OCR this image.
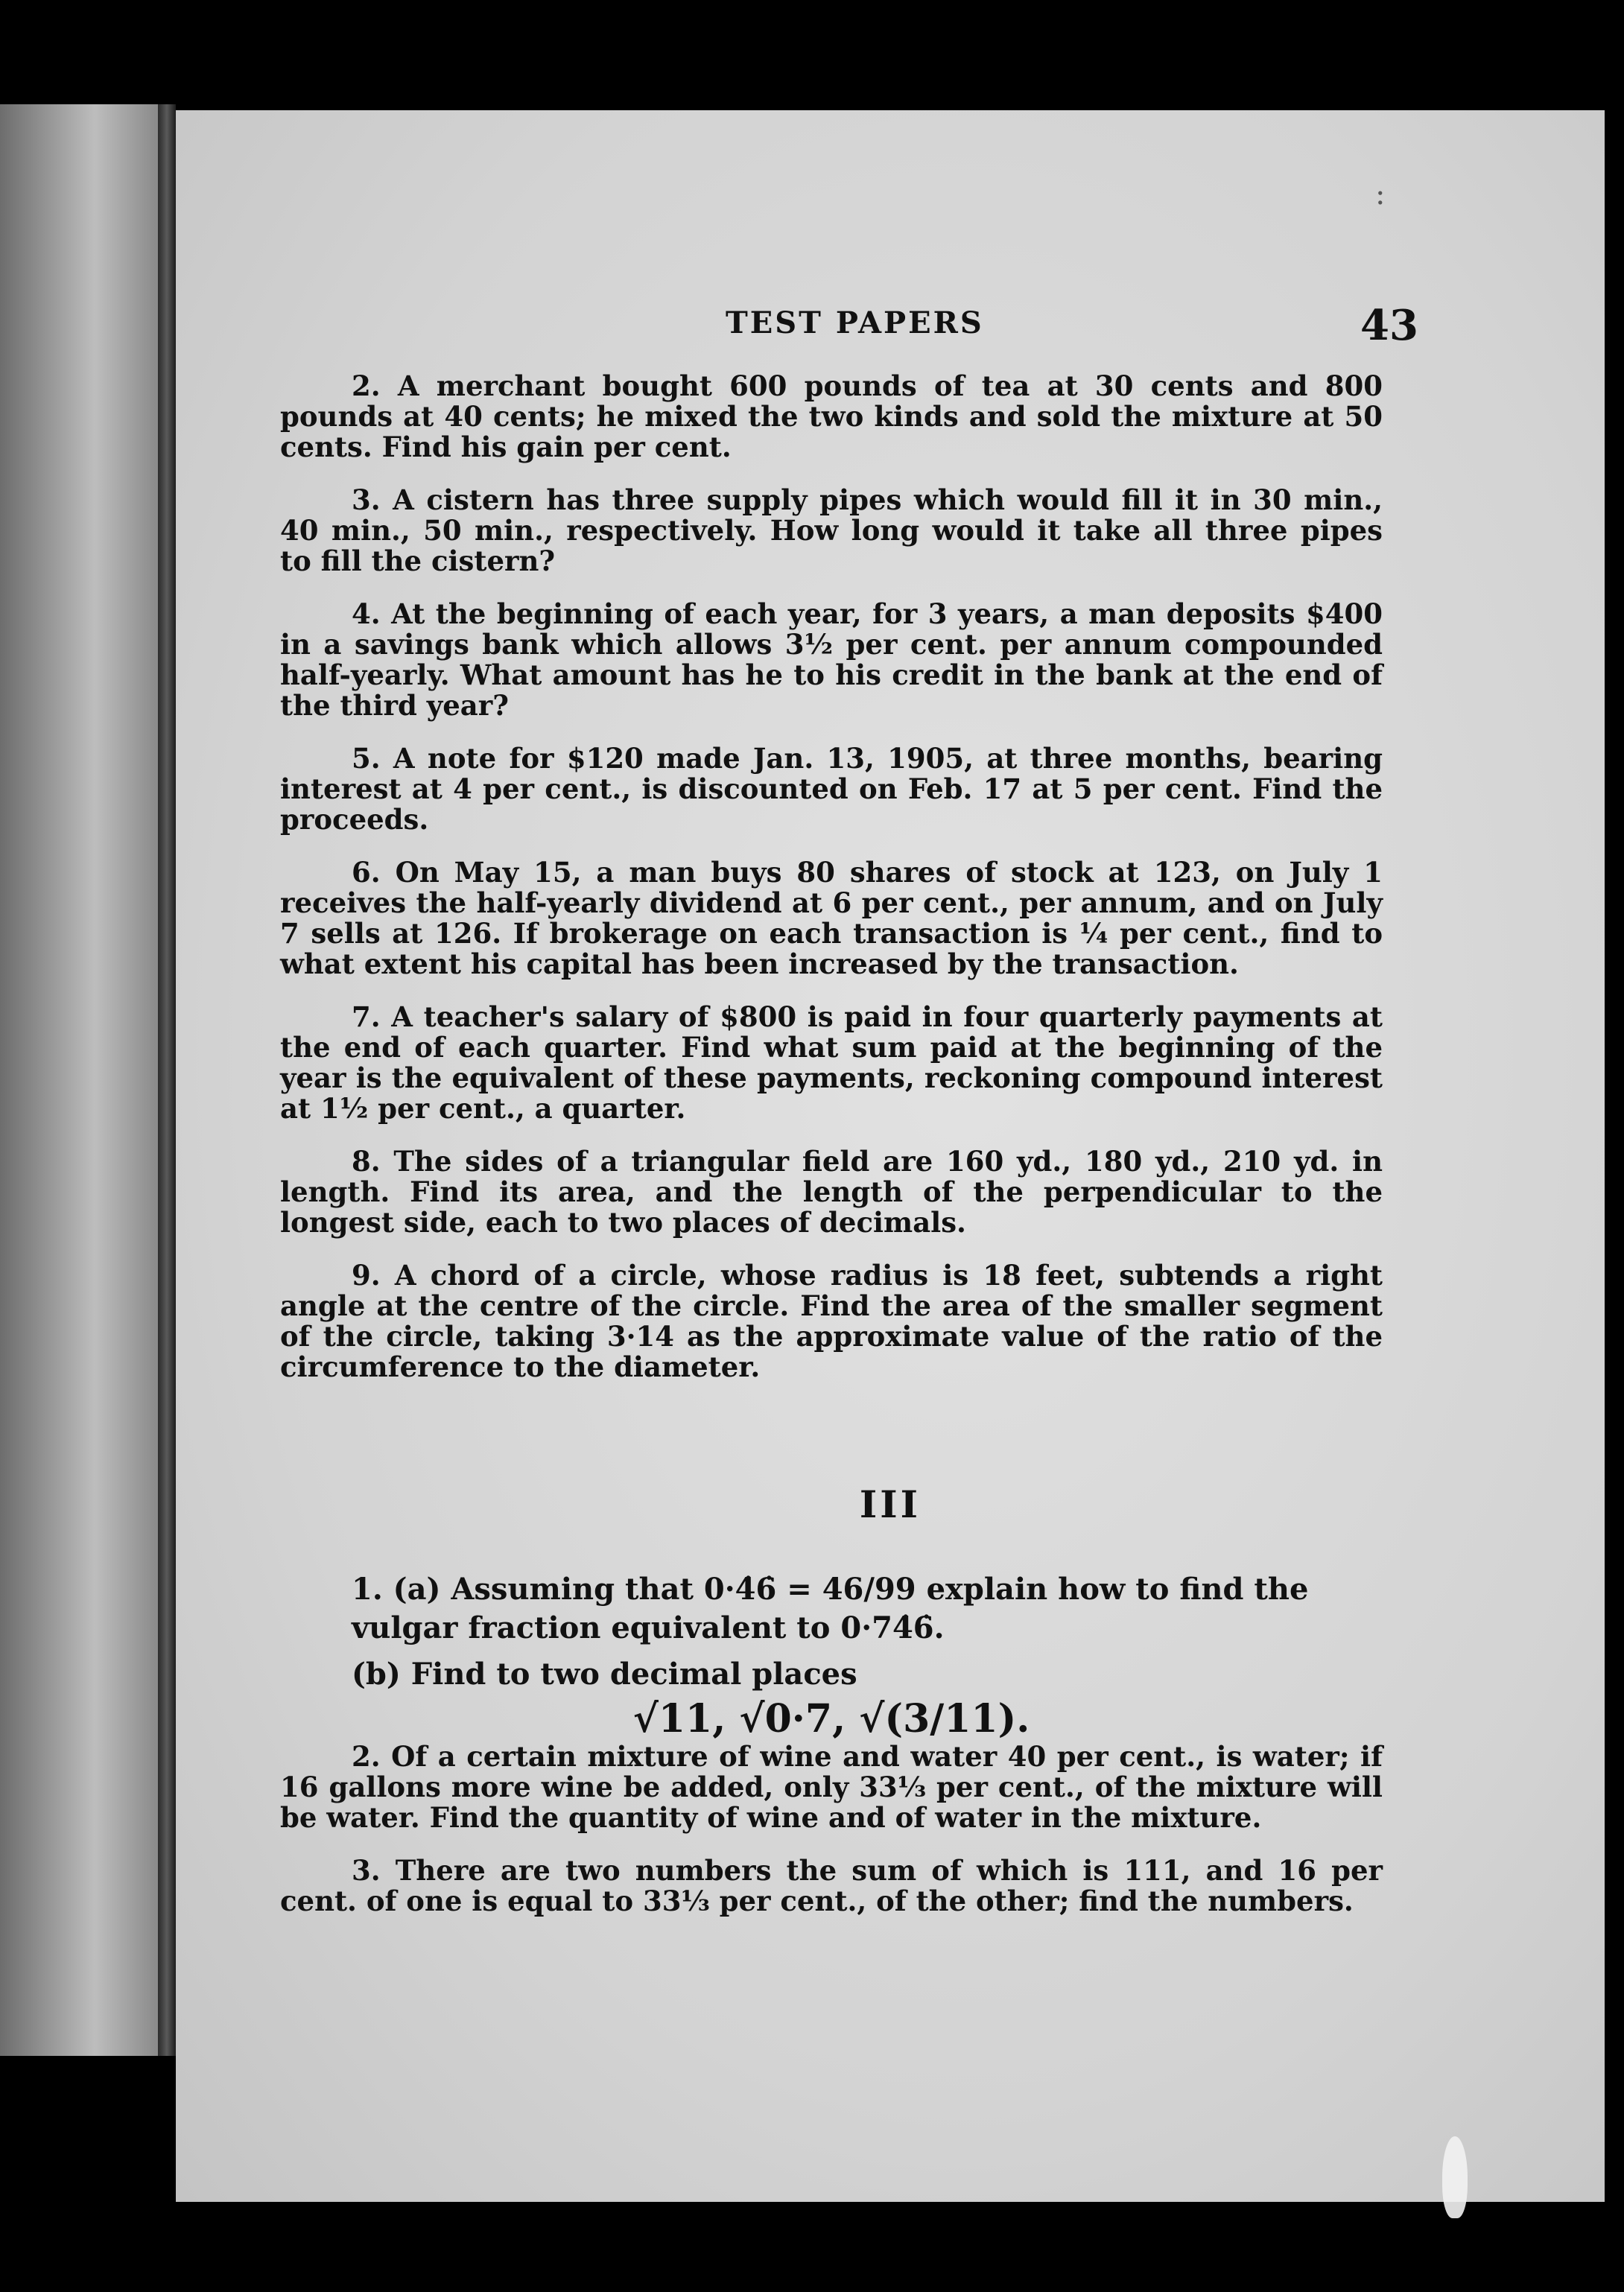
:
TEST PAPERS	43

2. A merchant bought 600 pounds of tea at 30 cents and 800 pounds at 40 cents; he mixed the two kinds and sold the mixture at 50 cents. Find his gain per cent.

3. A cistern has three supply pipes which would fill it in 30 min., 40 min., 50 min., respectively. How long would it take all three pipes to fill the cistern?

4. At the beginning of each year, for 3 years, a man deposits $400 in a savings bank which allows 3½ per cent. per annum compounded half-yearly. What amount has he to his credit in the bank at the end of the third year?

5. A note for $120 made Jan. 13, 1905, at three months, bearing interest at 4 per cent., is discounted on Feb. 17 at 5 per cent. Find the proceeds.

6. On May 15, a man buys 80 shares of stock at 123, on July 1 receives the half-yearly dividend at 6 per cent., per annum, and on July 7 sells at 126. If brokerage on each transaction is ¼ per cent., find to what extent his capital has been increased by the transaction.

7. A teacher's salary of $800 is paid in four quarterly payments at the end of each quarter. Find what sum paid at the beginning of the year is the equivalent of these payments, reckoning compound interest at 1½ per cent., a quarter.

8. The sides of a triangular field are 160 yd., 180 yd., 210 yd. in length. Find its area, and the length of the perpendicular to the longest side, each to two places of decimals.

9. A chord of a circle, whose radius is 18 feet, subtends a right angle at the centre of the circle. Find the area of the smaller segment of the circle, taking 3·14 as the approximate value of the ratio of the circumference to the diameter.

III
1. (a) Assuming that 0·4̇6̇ = 46/99 explain how to find the vulgar fraction equivalent to 0·74̇6̇.
(b) Find to two decimal places
√11, √0·7, √(3/11).

2. Of a certain mixture of wine and water 40 per cent., is water; if 16 gallons more wine be added, only 33⅓ per cent., of the mixture will be water. Find the quantity of wine and of water in the mixture.

3. There are two numbers the sum of which is 111, and 16 per cent. of one is equal to 33⅓ per cent., of the other; find the numbers.
